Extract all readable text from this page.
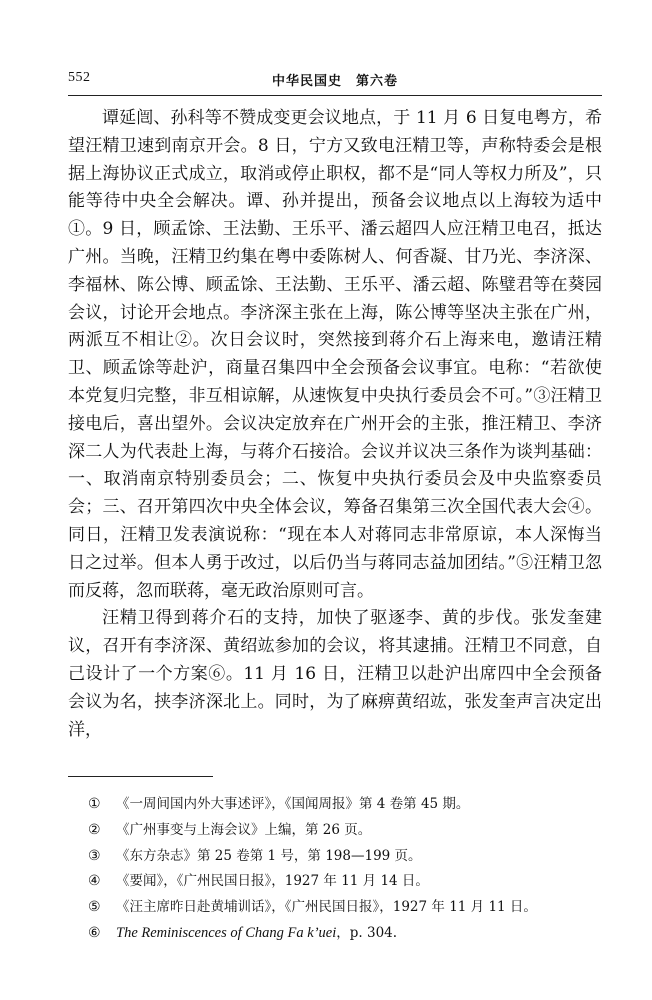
552	中华民国史　第六卷

谭延闿、孙科等不赞成变更会议地点，于 11 月 6 日复电粤方，希望汪精卫速到南京开会。8 日，宁方又致电汪精卫等，声称特委会是根据上海协议正式成立，取消或停止职权，都不是“同人等权力所及”，只能等待中央全会解决。谭、孙并提出，预备会议地点以上海较为适中①。9 日，顾孟馀、王法勤、王乐平、潘云超四人应汪精卫电召，抵达广州。当晚，汪精卫约集在粤中委陈树人、何香凝、甘乃光、李济深、李福林、陈公博、顾孟馀、王法勤、王乐平、潘云超、陈璧君等在葵园会议，讨论开会地点。李济深主张在上海，陈公博等坚决主张在广州，两派互不相让②。次日会议时，突然接到蒋介石上海来电，邀请汪精卫、顾孟馀等赴沪，商量召集四中全会预备会议事宜。电称：“若欲使本党复归完整，非互相谅解，从速恢复中央执行委员会不可。”③汪精卫接电后，喜出望外。会议决定放弃在广州开会的主张，推汪精卫、李济深二人为代表赴上海，与蒋介石接洽。会议并议决三条作为谈判基础：一、取消南京特别委员会；二、恢复中央执行委员会及中央监察委员会；三、召开第四次中央全体会议，筹备召集第三次全国代表大会④。同日，汪精卫发表演说称：“现在本人对蒋同志非常原谅，本人深悔当日之过举。但本人勇于改过，以后仍当与蒋同志益加团结。”⑤汪精卫忽而反蒋，忽而联蒋，毫无政治原则可言。

汪精卫得到蒋介石的支持，加快了驱逐李、黄的步伐。张发奎建议，召开有李济深、黄绍竑参加的会议，将其逮捕。汪精卫不同意，自己设计了一个方案⑥。11 月 16 日，汪精卫以赴沪出席四中全会预备会议为名，挟李济深北上。同时，为了麻痹黄绍竑，张发奎声言决定出洋，

①	《一周间国内外大事述评》，《国闻周报》第 4 卷第 45 期。
②	《广州事变与上海会议》上编，第 26 页。
③	《东方杂志》第 25 卷第 1 号，第 198—199 页。
④	《要闻》，《广州民国日报》，1927 年 11 月 14 日。
⑤	《汪主席昨日赴黄埔训话》，《广州民国日报》，1927 年 11 月 11 日。
⑥	The Reminiscences of Chang Fa k’uei，p. 304.
